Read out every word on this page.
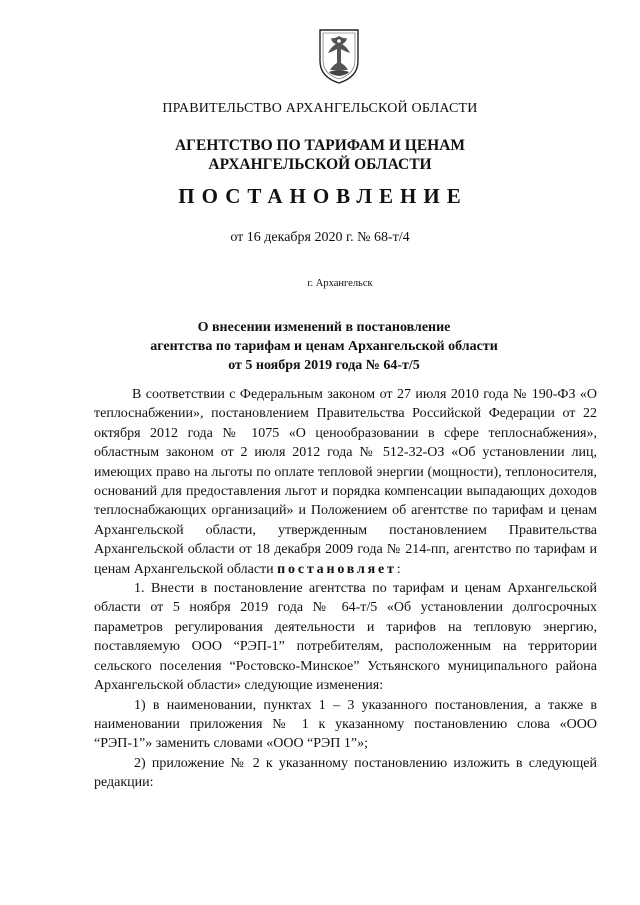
ПРАВИТЕЛЬСТВО АРХАНГЕЛЬСКОЙ ОБЛАСТИ
АГЕНТСТВО ПО ТАРИФАМ И ЦЕНАМ
АРХАНГЕЛЬСКОЙ ОБЛАСТИ
ПОСТАНОВЛЕНИЕ
от 16 декабря 2020 г. № 68-т/4
г. Архангельск
О внесении изменений в постановление
агентства по тарифам и ценам Архангельской области
от 5 ноября 2019 года № 64-т/5

В соответствии с Федеральным законом от 27 июля 2010 года № 190-ФЗ «О теплоснабжении», постановлением Правительства Российской Федерации от 22 октября 2012 года № 1075 «О ценообразовании в сфере теплоснабжения», областным законом от 2 июля 2012 года № 512-32-ОЗ «Об установлении лиц, имеющих право на льготы по оплате тепловой энергии (мощности), теплоносителя, оснований для предоставления льгот и порядка компенсации выпадающих доходов теплоснабжающих организаций» и Положением об агентстве по тарифам и ценам Архангельской области, утвержденным постановлением Правительства Архангельской области от 18 декабря 2009 года № 214-пп, агентство по тарифам и ценам Архангельской области постановляет:

1. Внести в постановление агентства по тарифам и ценам Архангельской области от 5 ноября 2019 года № 64-т/5 «Об установлении долгосрочных параметров регулирования деятельности и тарифов на тепловую энергию, поставляемую ООО “РЭП-1” потребителям, расположенным на территории сельского поселения “Ростовско-Минское” Устьянского муниципального района Архангельской области» следующие изменения:

1) в наименовании, пунктах 1 – 3 указанного постановления, а также в наименовании приложения № 1 к указанному постановлению слова «ООО “РЭП-1”» заменить словами «ООО “РЭП 1”»;

2) приложение № 2 к указанному постановлению изложить в следующей редакции:
